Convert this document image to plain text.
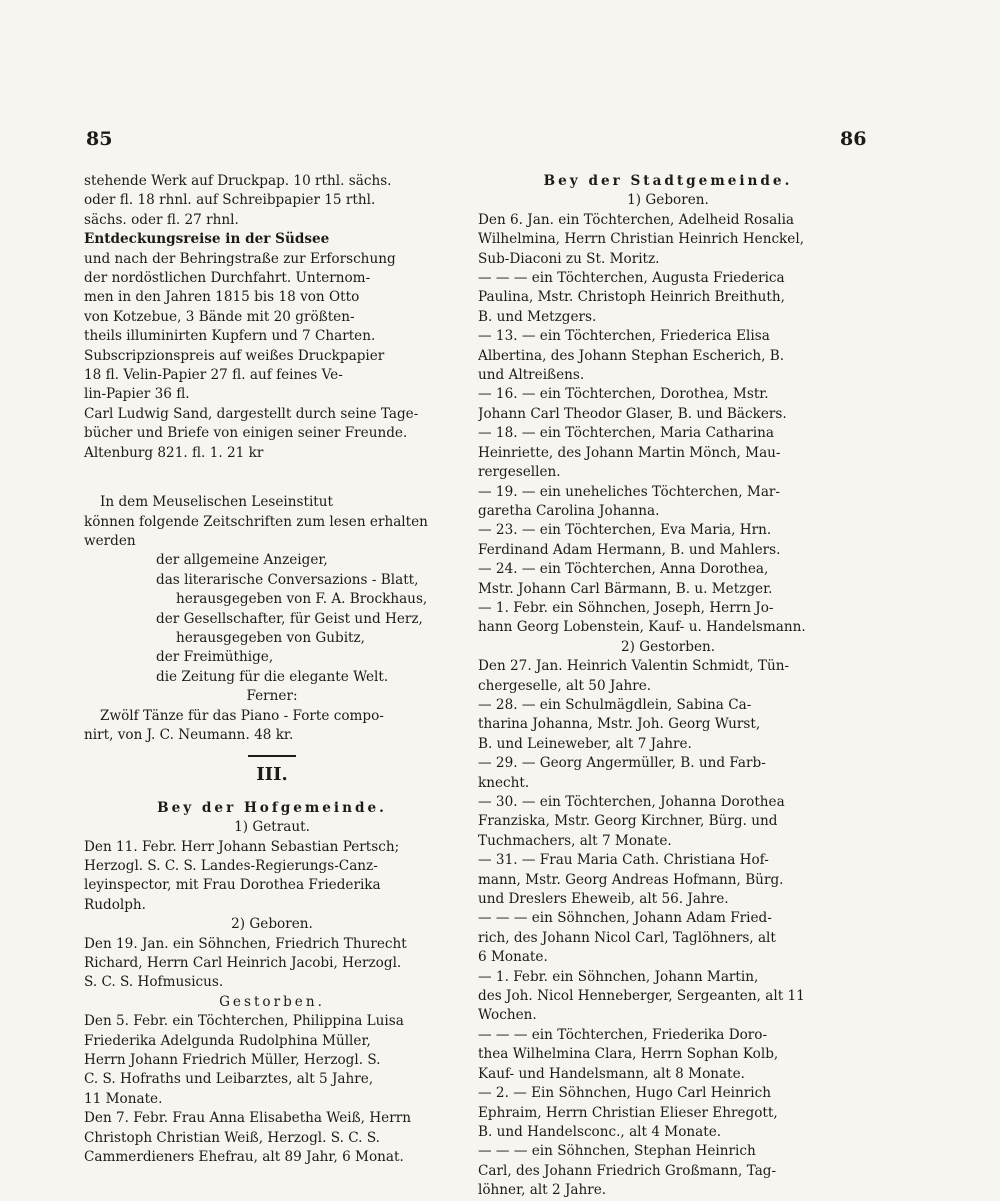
85	86
stehende Werk auf Druckpap. 10 rthl. sächs.
oder fl. 18 rhnl. auf Schreibpapier 15 rthl.
sächs. oder fl. 27 rhnl.
Entdeckungsreise in der Südsee
und nach der Behringstraße zur Erforschung
der nordöstlichen Durchfahrt. Unternom-
men in den Jahren 1815 bis 18 von Otto
von Kotzebue, 3 Bände mit 20 größten-
theils illuminirten Kupfern und 7 Charten.
Subscripzionspreis auf weißes Druckpapier
18 fl. Velin-Papier 27 fl. auf feines Ve-
lin-Papier 36 fl.
Carl Ludwig Sand, dargestellt durch seine Tage-
bücher und Briefe von einigen seiner Freunde.
Altenburg 821. fl. 1. 21 kr
In dem Meuselischen Leseinstitut
können folgende Zeitschriften zum lesen erhalten
werden
der allgemeine Anzeiger,
das literarische Conversazions - Blatt,
herausgegeben von F. A. Brockhaus,
der Gesellschafter, für Geist und Herz,
herausgegeben von Gubitz,
der Freimüthige,
die Zeitung für die elegante Welt.
Ferner:
Zwölf Tänze für das Piano - Forte compo-
nirt, von J. C. Neumann. 48 kr.
III.
Bey der Hofgemeinde.
1) Getraut.
Den 11. Febr. Herr Johann Sebastian Pertsch;
Herzogl. S. C. S. Landes-Regierungs-Canz-
leyinspector, mit Frau Dorothea Friederika
Rudolph.
2) Geboren.
Den 19. Jan. ein Söhnchen, Friedrich Thurecht
Richard, Herrn Carl Heinrich Jacobi, Herzogl.
S. C. S. Hofmusicus.
Gestorben.
Den 5. Febr. ein Töchterchen, Philippina Luisa
Friederika Adelgunda Rudolphina Müller,
Herrn Johann Friedrich Müller, Herzogl. S.
C. S. Hofraths und Leibarztes, alt 5 Jahre,
11 Monate.
Den 7. Febr. Frau Anna Elisabetha Weiß, Herrn
Christoph Christian Weiß, Herzogl. S. C. S.
Cammerdieners Ehefrau, alt 89 Jahr, 6 Monat.
Bey der Stadtgemeinde.
1) Geboren.
Den 6. Jan. ein Töchterchen, Adelheid Rosalia
Wilhelmina, Herrn Christian Heinrich Henckel,
Sub-Diaconi zu St. Moritz.
— — — ein Töchterchen, Augusta Friederica
Paulina, Mstr. Christoph Heinrich Breithuth,
B. und Metzgers.
— 13. — ein Töchterchen, Friederica Elisa
Albertina, des Johann Stephan Escherich, B.
und Altreißens.
— 16. — ein Töchterchen, Dorothea, Mstr.
Johann Carl Theodor Glaser, B. und Bäckers.
— 18. — ein Töchterchen, Maria Catharina
Heinriette, des Johann Martin Mönch, Mau-
rergesellen.
— 19. — ein uneheliches Töchterchen, Mar-
garetha Carolina Johanna.
— 23. — ein Töchterchen, Eva Maria, Hrn.
Ferdinand Adam Hermann, B. und Mahlers.
— 24. — ein Töchterchen, Anna Dorothea,
Mstr. Johann Carl Bärmann, B. u. Metzger.
— 1. Febr. ein Söhnchen, Joseph, Herrn Jo-
hann Georg Lobenstein, Kauf- u. Handelsmann.
2) Gestorben.
Den 27. Jan. Heinrich Valentin Schmidt, Tün-
chergeselle, alt 50 Jahre.
— 28. — ein Schulmägdlein, Sabina Ca-
tharina Johanna, Mstr. Joh. Georg Wurst,
B. und Leineweber, alt 7 Jahre.
— 29. — Georg Angermüller, B. und Farb-
knecht.
— 30. — ein Töchterchen, Johanna Dorothea
Franziska, Mstr. Georg Kirchner, Bürg. und
Tuchmachers, alt 7 Monate.
— 31. — Frau Maria Cath. Christiana Hof-
mann, Mstr. Georg Andreas Hofmann, Bürg.
und Dreslers Eheweib, alt 56. Jahre.
— — — ein Söhnchen, Johann Adam Fried-
rich, des Johann Nicol Carl, Taglöhners, alt
6 Monate.
— 1. Febr. ein Söhnchen, Johann Martin,
des Joh. Nicol Henneberger, Sergeanten, alt 11
Wochen.
— — — ein Töchterchen, Friederika Doro-
thea Wilhelmina Clara, Herrn Sophan Kolb,
Kauf- und Handelsmann, alt 8 Monate.
— 2. — Ein Söhnchen, Hugo Carl Heinrich
Ephraim, Herrn Christian Elieser Ehregott,
B. und Handelsconc., alt 4 Monate.
— — — ein Söhnchen, Stephan Heinrich
Carl, des Johann Friedrich Großmann, Tag-
löhner, alt 2 Jahre.
